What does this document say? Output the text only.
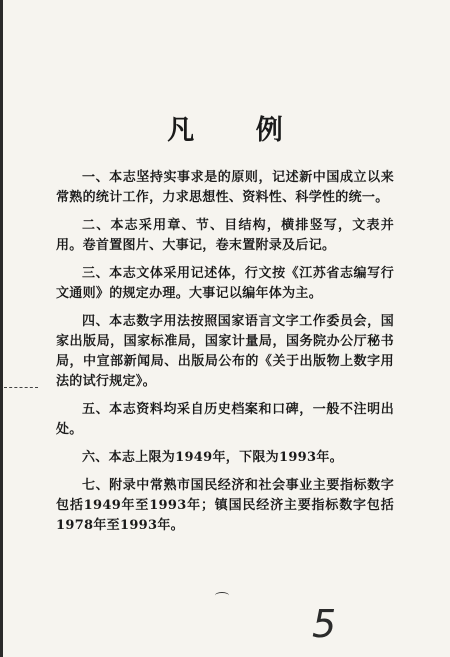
凡 例

一、本志坚持实事求是的原则，记述新中国成立以来常熟的统计工作，力求思想性、资料性、科学性的统一。

二、本志采用章、节、目结构，横排竖写，文表并用。卷首置图片、大事记，卷末置附录及后记。

三、本志文体采用记述体，行文按《江苏省志编写行文通则》的规定办理。大事记以编年体为主。

四、本志数字用法按照国家语言文字工作委员会，国家出版局，国家标准局，国家计量局，国务院办公厅秘书局，中宣部新闻局、出版局公布的《关于出版物上数字用法的试行规定》。

五、本志资料均采自历史档案和口碑，一般不注明出处。

六、本志上限为1949年，下限为1993年。

七、附录中常熟市国民经济和社会事业主要指标数字包括1949年至1993年；镇国民经济主要指标数字包括1978年至1993年。

5
